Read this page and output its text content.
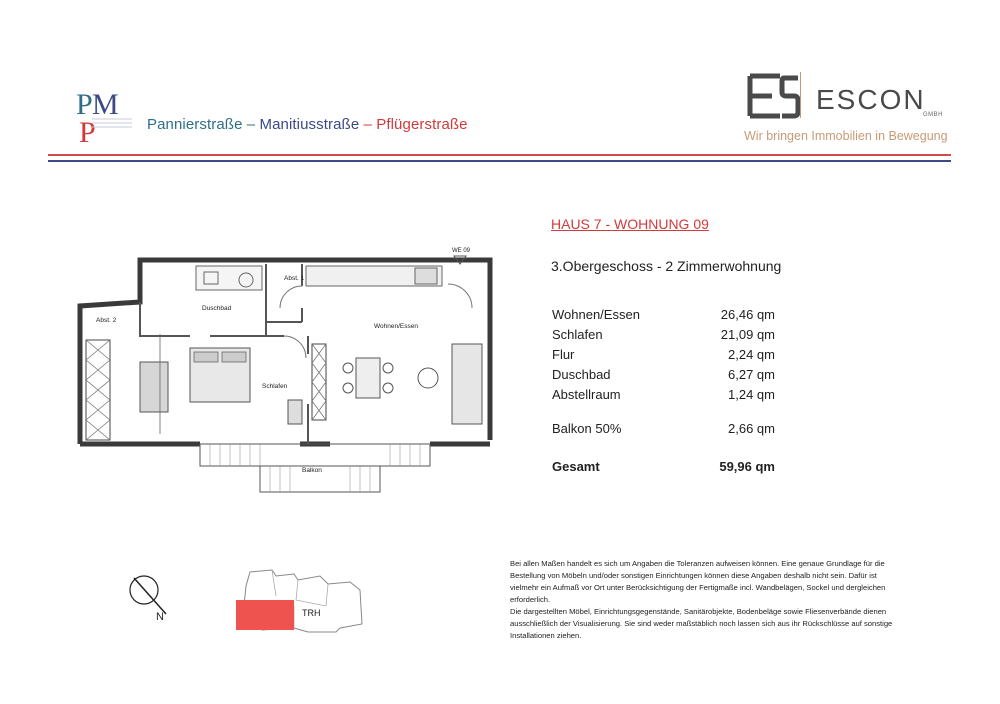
P M
P	Pannierstraße – Manitiusstraße – Pflügerstraße
ES
ESCON
GMBH
Wir bringen Immobilien in Bewegung
HAUS 7 - WOHNUNG 09
3.Obergeschoss - 2 Zimmerwohnung
Wohnen/Essen	26,46 qm
Schlafen	21,09 qm
Flur	2,24 qm
Duschbad	6,27 qm
Abstellraum	1,24 qm
Balkon 50%	2,66 qm
Gesamt	59,96 qm
WE 09
Abst. 1
Abst. 2
Duschbad
Wohnen/Essen
Schlafen
Balkon
N	TRH

Bei allen Maßen handelt es sich um Angaben die Toleranzen aufweisen können. Eine genaue Grundlage für die Bestellung von Möbeln und/oder sonstigen Einrichtungen können diese Angaben deshalb nicht sein. Dafür ist vielmehr ein Aufmaß vor Ort unter Berücksichtigung der Fertigmaße incl. Wandbelägen, Sockel und dergleichen erforderlich.

Die dargestellten Möbel, Einrichtungsgegenstände, Sanitärobjekte, Bodenbeläge sowie Fliesenverbände dienen ausschließlich der Visualisierung. Sie sind weder maßstäblich noch lassen sich aus ihr Rückschlüsse auf sonstige Installationen ziehen.
